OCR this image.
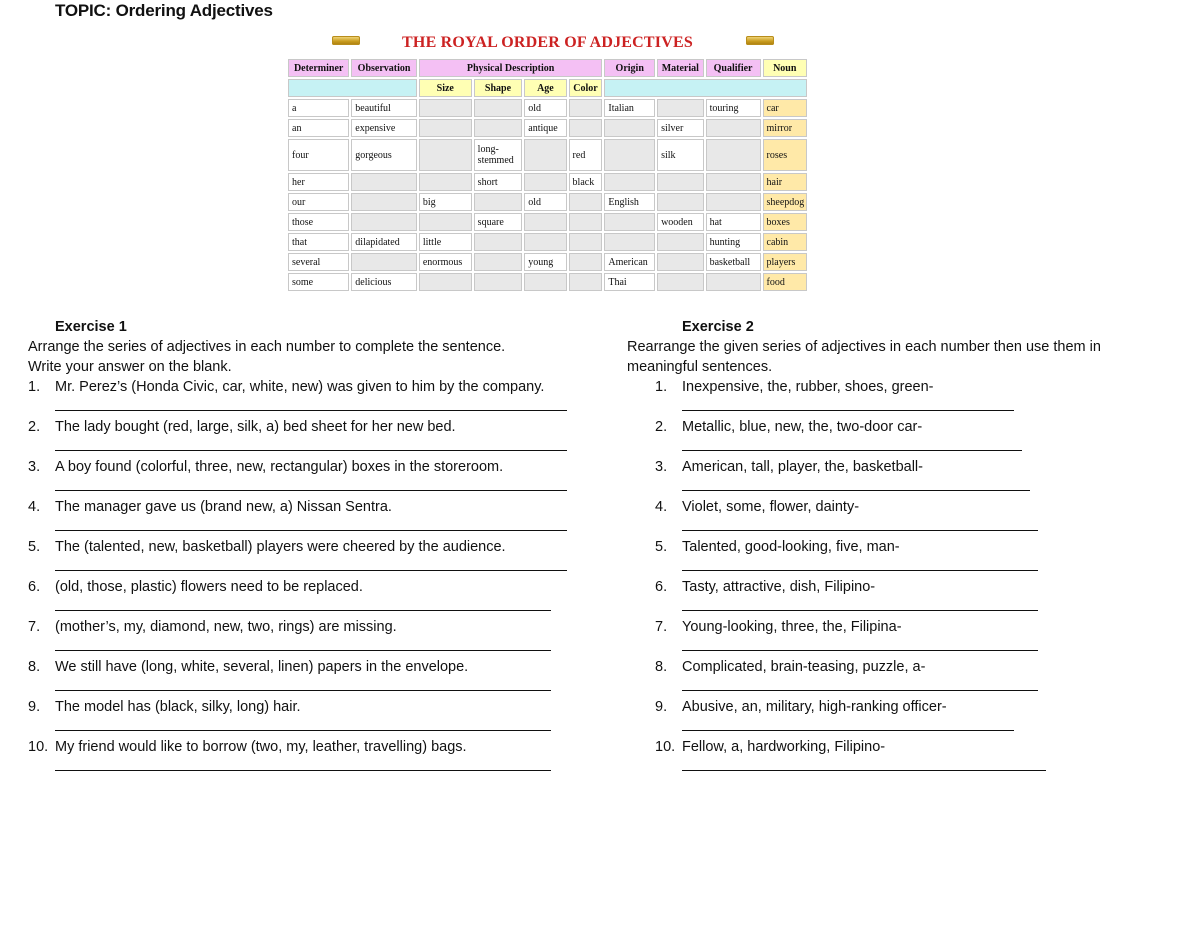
TOPIC: Ordering Adjectives
THE ROYAL ORDER OF ADJECTIVES
Determiner	Observation	Physical Description				Origin	Material	Qualifier	Noun
		Size	Shape	Age	Color				
a	beautiful			old		Italian		touring	car
an	expensive			antique			silver		mirror
four	gorgeous		long-stemmed		red		silk		roses
her			short		black				hair
our		big		old		English			sheepdog
those			square				wooden	hat	boxes
that	dilapidated	little						hunting	cabin
several		enormous		young		American		basketball	players
some	delicious					Thai			food
Exercise 1
Arrange the series of adjectives in each number to complete the sentence.
Write your answer on the blank.
1.	Mr. Perez’s (Honda Civic, car, white, new) was given to him by the company.
2.	The lady bought (red, large, silk, a) bed sheet for her new bed.
3.	A boy found (colorful, three, new, rectangular) boxes in the storeroom.
4.	The manager gave us (brand new, a) Nissan Sentra.
5.	The (talented, new, basketball) players were cheered by the audience.
6.	(old, those, plastic) flowers need to be replaced.
7.	(mother’s, my, diamond, new, two, rings) are missing.
8.	We still have (long, white, several, linen) papers in the envelope.
9.	The model has (black, silky, long) hair.
10. My friend would like to borrow (two, my, leather, travelling) bags.
Exercise 2
Rearrange the given series of adjectives in each number then use them in
meaningful sentences.
1.	Inexpensive, the, rubber, shoes, green-
2.	Metallic, blue, new, the, two-door car-
3.	American, tall, player, the, basketball-
4.	Violet, some, flower, dainty-
5.	Talented, good-looking, five, man-
6.	Tasty, attractive, dish, Filipino-
7.	Young-looking, three, the, Filipina-
8.	Complicated, brain-teasing, puzzle, a-
9.	Abusive, an, military, high-ranking officer-
10. Fellow, a, hardworking, Filipino-
